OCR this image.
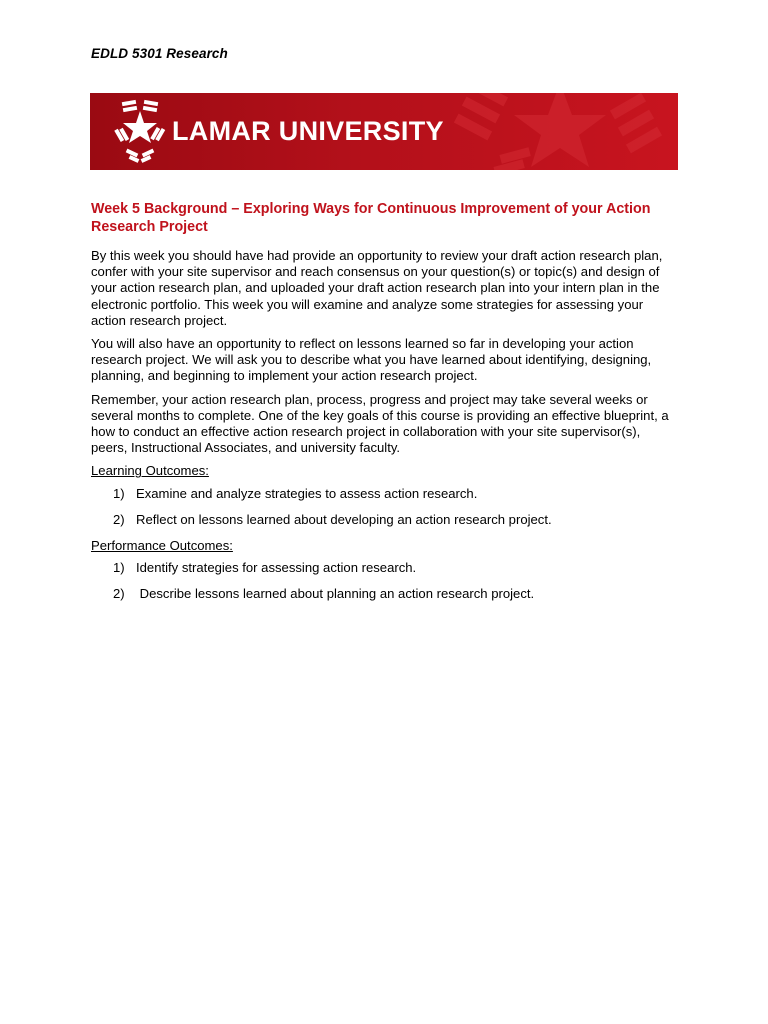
EDLD 5301 Research
LAMAR UNIVERSITY
Week 5 Background – Exploring Ways for Continuous Improvement of your Action Research Project

By this week you should have had provide an opportunity to review your draft action research plan, confer with your site supervisor and reach consensus on your question(s) or topic(s) and design of your action research plan, and uploaded your draft action research plan into your intern plan in the electronic portfolio. This week you will examine and analyze some strategies for assessing your action research project.

You will also have an opportunity to reflect on lessons learned so far in developing your action research project. We will ask you to describe what you have learned about identifying, designing, planning, and beginning to implement your action research project.

Remember, your action research plan, process, progress and project may take several weeks or several months to complete. One of the key goals of this course is providing an effective blueprint, a how to conduct an effective action research project in collaboration with your site supervisor(s), peers, Instructional Associates, and university faculty.

Learning Outcomes:
1) Examine and analyze strategies to assess action research.
2) Reflect on lessons learned about developing an action research project.
Performance Outcomes:
1) Identify strategies for assessing action research.
2) Describe lessons learned about planning an action research project.
